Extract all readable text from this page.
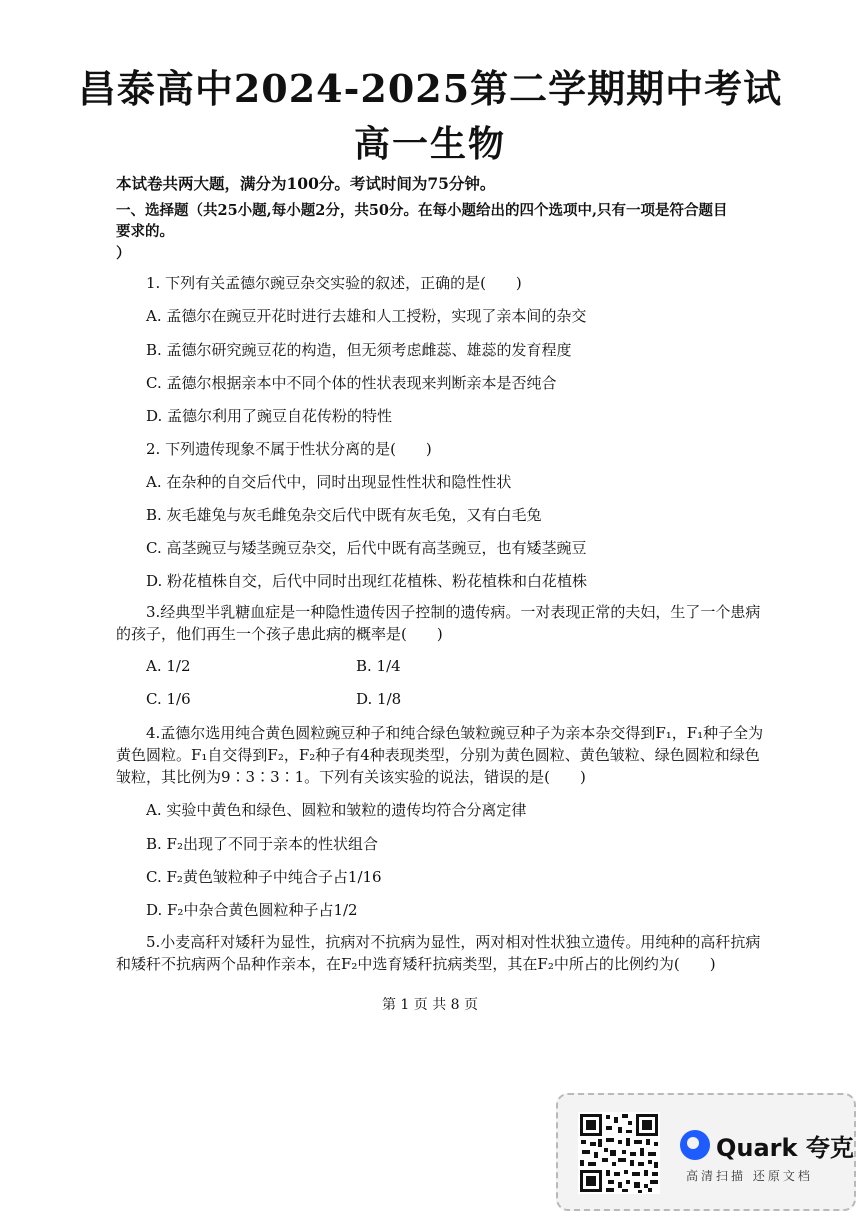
昌泰高中2024-2025第二学期期中考试
高一生物
本试卷共两大题，满分为100分。考试时间为75分钟。
一、选择题（共25小题,每小题2分，共50分。在每小题给出的四个选项中,只有一项是符合题目
要求的。
）
1. 下列有关孟德尔豌豆杂交实验的叙述，正确的是(　　)
A. 孟德尔在豌豆开花时进行去雄和人工授粉，实现了亲本间的杂交
B. 孟德尔研究豌豆花的构造，但无须考虑雌蕊、雄蕊的发育程度
C. 孟德尔根据亲本中不同个体的性状表现来判断亲本是否纯合
D. 孟德尔利用了豌豆自花传粉的特性
2. 下列遗传现象不属于性状分离的是(　　)
A. 在杂种的自交后代中，同时出现显性性状和隐性性状
B. 灰毛雄兔与灰毛雌兔杂交后代中既有灰毛兔，又有白毛兔
C. 高茎豌豆与矮茎豌豆杂交，后代中既有高茎豌豆，也有矮茎豌豆
D. 粉花植株自交，后代中同时出现红花植株、粉花植株和白花植株
3.经典型半乳糖血症是一种隐性遗传因子控制的遗传病。一对表现正常的夫妇，生了一个患病
的孩子，他们再生一个孩子患此病的概率是(　　)
A. 1/2	B. 1/4
C. 1/6	D. 1/8
4.孟德尔选用纯合黄色圆粒豌豆种子和纯合绿色皱粒豌豆种子为亲本杂交得到F₁，F₁种子全为
黄色圆粒。F₁自交得到F₂，F₂种子有4种表现类型，分别为黄色圆粒、黄色皱粒、绿色圆粒和绿色
皱粒，其比例为9∶3∶3∶1。下列有关该实验的说法，错误的是(　　)
A. 实验中黄色和绿色、圆粒和皱粒的遗传均符合分离定律
B. F₂出现了不同于亲本的性状组合
C. F₂黄色皱粒种子中纯合子占1/16
D. F₂中杂合黄色圆粒种子占1/2
5.小麦高秆对矮秆为显性，抗病对不抗病为显性，两对相对性状独立遗传。用纯种的高秆抗病
和矮秆不抗病两个品种作亲本，在F₂中选育矮秆抗病类型，其在F₂中所占的比例约为(　　)
第 1 页 共 8 页
Quark 夸克
高清扫描 还原文档
